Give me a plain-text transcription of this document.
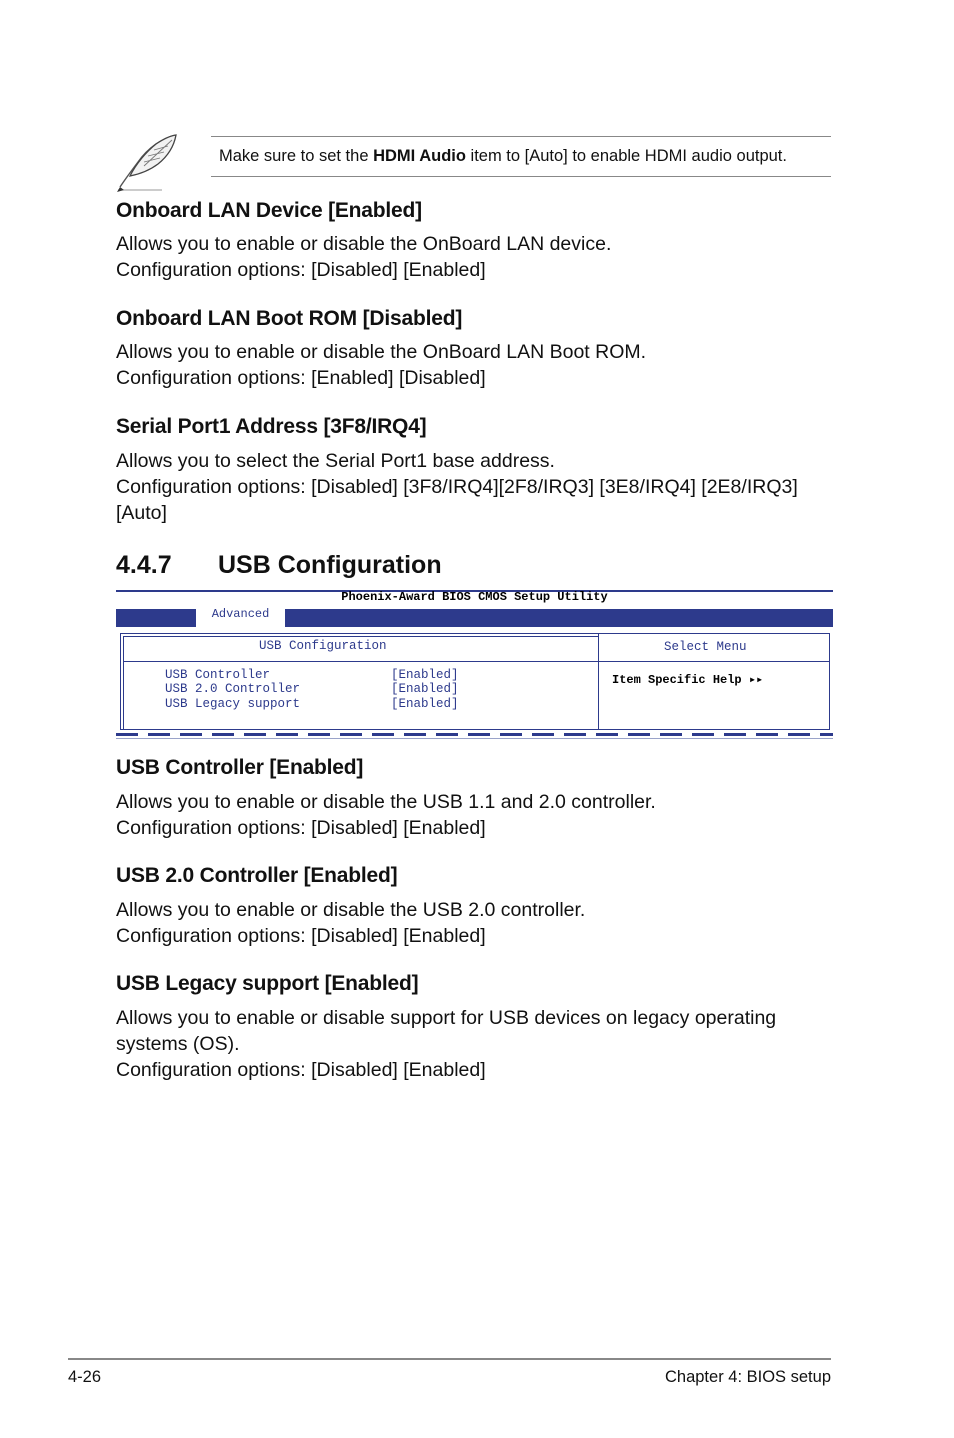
Make sure to set the HDMI Audio item to [Auto] to enable HDMI audio output.
Onboard LAN Device [Enabled]

Allows you to enable or disable the OnBoard LAN device.
Configuration options: [Disabled] [Enabled]

Onboard LAN Boot ROM [Disabled]

Allows you to enable or disable the OnBoard LAN Boot ROM.
Configuration options: [Enabled] [Disabled]

Serial Port1 Address [3F8/IRQ4]

Allows you to select the Serial Port1 base address.
Configuration options: [Disabled] [3F8/IRQ4][2F8/IRQ3] [3E8/IRQ4] [2E8/IRQ3]
[Auto]

4.4.7 USB Configuration
Phoenix-Award BIOS CMOS Setup Utility
Advanced
USB Configuration	Select Menu
USB Controller	[Enabled]
USB 2.0 Controller	[Enabled]
USB Legacy support	[Enabled]
Item Specific Help ▸▸
USB Controller [Enabled]

Allows you to enable or disable the USB 1.1 and 2.0 controller.
Configuration options: [Disabled] [Enabled]

USB 2.0 Controller [Enabled]

Allows you to enable or disable the USB 2.0 controller.
Configuration options: [Disabled] [Enabled]

USB Legacy support [Enabled]

Allows you to enable or disable support for USB devices on legacy operating
systems (OS).
Configuration options: [Disabled] [Enabled]

4-26	Chapter 4: BIOS setup
